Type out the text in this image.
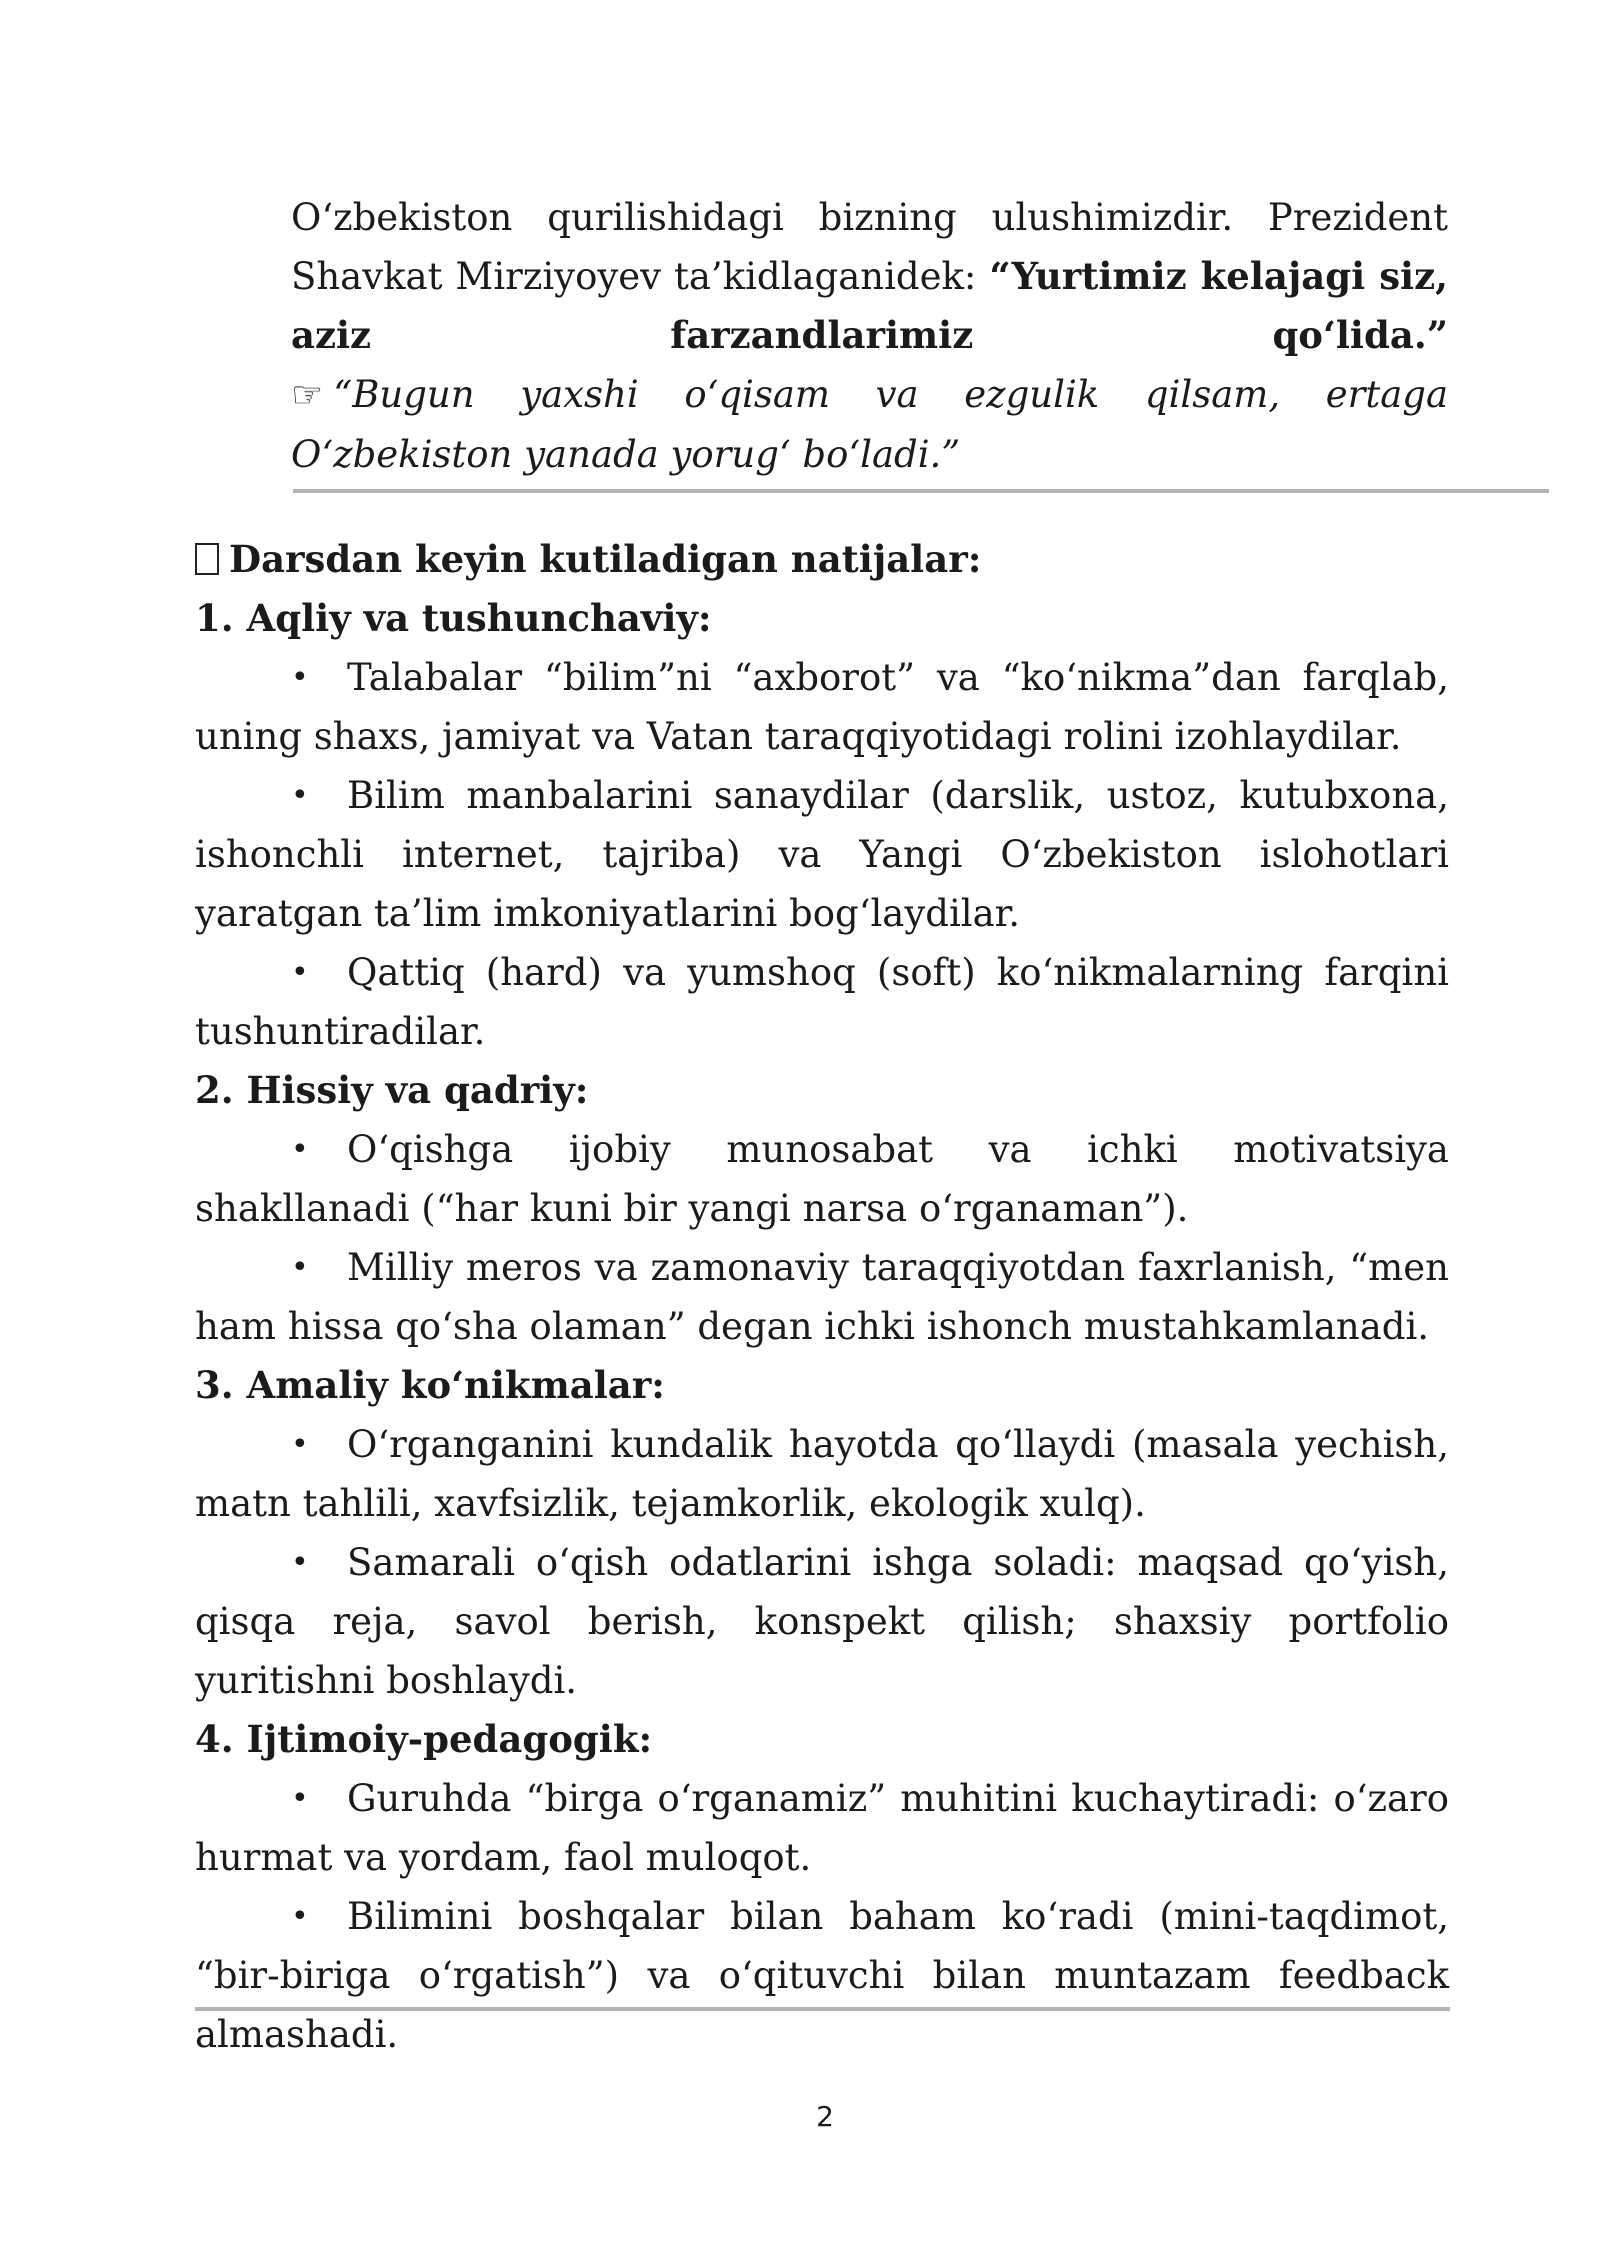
O‘zbekiston qurilishidagi bizning ulushimizdir. Prezident

Shavkat Mirziyoyev ta’kidlaganidek: “Yurtimiz kelajagi siz,

aziz farzandlarimiz qo‘lida.”

☞ “Bugun yaxshi o‘qisam va ezgulik qilsam, ertaga O‘zbekiston yanada yorug‘ bo‘ladi.”

Darsdan keyin kutiladigan natijalar:

1. Aqliy va tushunchaviy:

•	Talabalar “bilim”ni “axborot” va “ko‘nikma”dan farqlab, uning shaxs, jamiyat va Vatan taraqqiyotidagi rolini izohlaydilar.

•	Bilim manbalarini sanaydilar (darslik, ustoz, kutubxona, ishonchli internet, tajriba) va Yangi O‘zbekiston islohotlari yaratgan ta’lim imkoniyatlarini bog‘laydilar.

•	Qattiq (hard) va yumshoq (soft) ko‘nikmalarning farqini tushuntiradilar.

2. Hissiy va qadriy:

•	O‘qishga ijobiy munosabat va ichki motivatsiya shakllanadi (“har kuni bir yangi narsa o‘rganaman”).

•	Milliy meros va zamonaviy taraqqiyotdan faxrlanish, “men ham hissa qo‘sha olaman” degan ichki ishonch mustahkamlanadi.

3. Amaliy ko‘nikmalar:

•	O‘rganganini kundalik hayotda qo‘llaydi (masala yechish, matn tahlili, xavfsizlik, tejamkorlik, ekologik xulq).

•	Samarali o‘qish odatlarini ishga soladi: maqsad qo‘yish, qisqa reja, savol berish, konspekt qilish; shaxsiy portfolio yuritishni boshlaydi.

4. Ijtimoiy-pedagogik:

•	Guruhda “birga o‘rganamiz” muhitini kuchaytiradi: o‘zaro hurmat va yordam, faol muloqot.

•	Bilimini boshqalar bilan baham ko‘radi (mini-taqdimot, “bir-biriga o‘rgatish”) va o‘qituvchi bilan muntazam feedback almashadi.

2
